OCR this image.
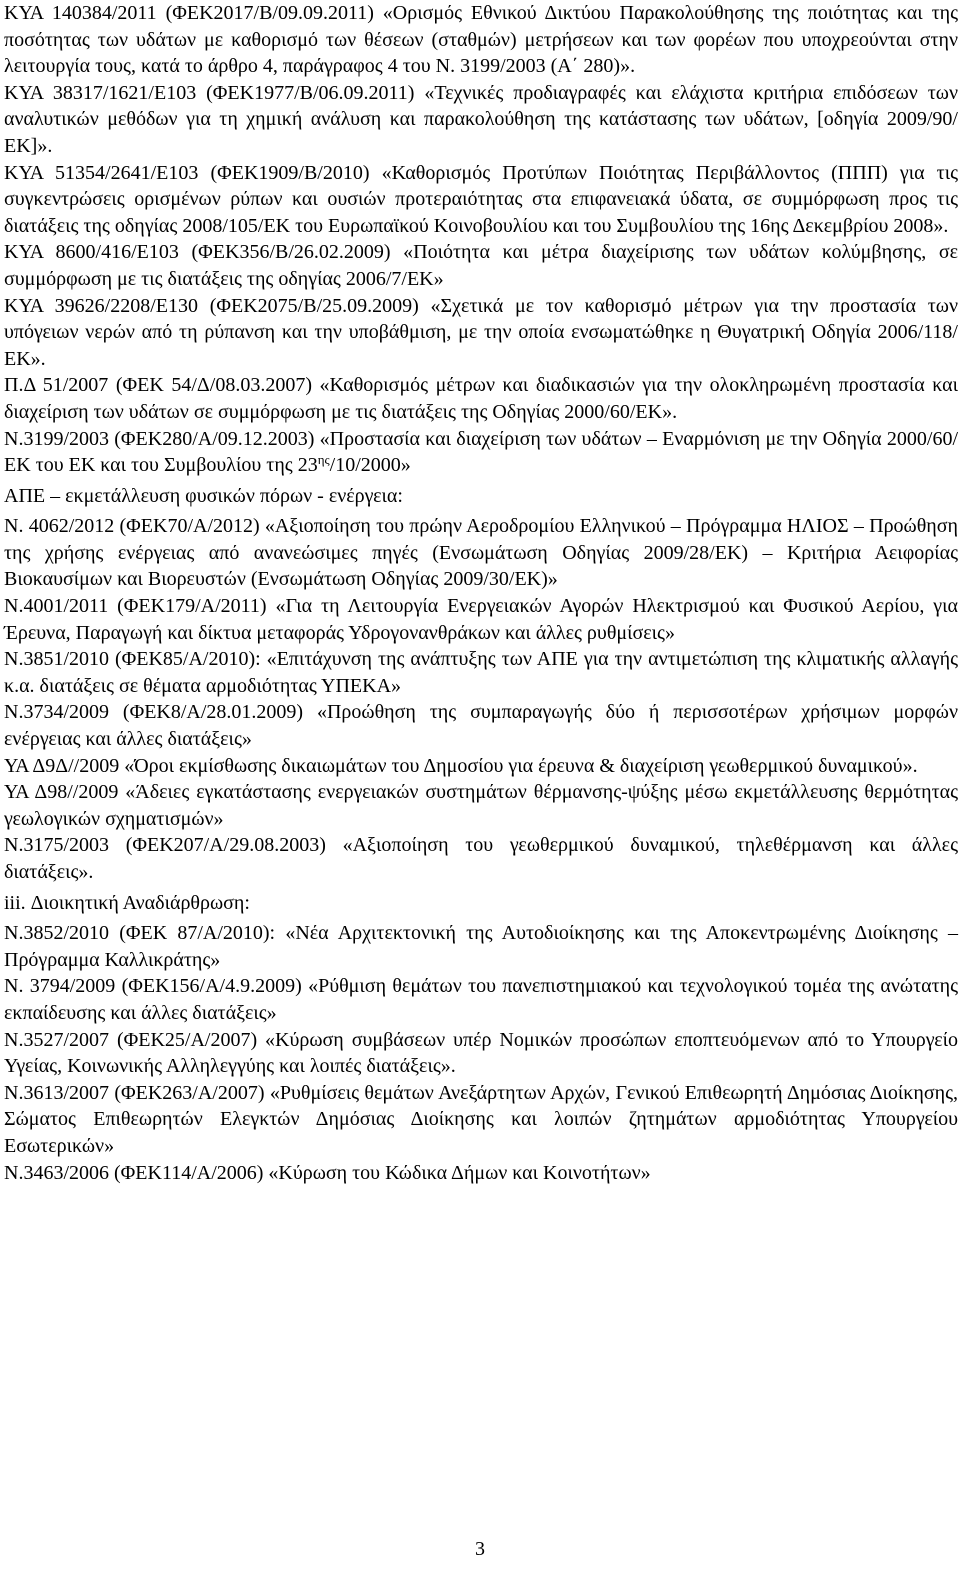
ΚΥΑ 140384/2011 (ΦΕΚ2017/Β/09.09.2011) «Ορισμός Εθνικού Δικτύου Παρακολούθησης της ποιότητας και της ποσότητας των υδάτων με καθορισμό των θέσεων (σταθμών) μετρήσεων και των φορέων που υποχρεούνται στην λειτουργία τους, κατά το άρθρο 4, παράγραφος 4 του Ν. 3199/2003 (Α΄ 280)».

ΚΥΑ 38317/1621/Ε103 (ΦΕΚ1977/Β/06.09.2011) «Τεχνικές προδιαγραφές και ελάχιστα κριτήρια επιδόσεων των αναλυτικών μεθόδων για τη χημική ανάλυση και παρακολούθηση της κατάστασης των υδάτων, [οδηγία 2009/90/ΕΚ]».

ΚΥΑ 51354/2641/Ε103 (ΦΕΚ1909/Β/2010) «Καθορισμός Προτύπων Ποιότητας Περιβάλλοντος (ΠΠΠ) για τις συγκεντρώσεις ορισμένων ρύπων και ουσιών προτεραιότητας στα επιφανειακά ύδατα, σε συμμόρφωση προς τις διατάξεις της οδηγίας 2008/105/ΕΚ του Ευρωπαϊκού Κοινοβουλίου και του Συμβουλίου της 16ης Δεκεμβρίου 2008».

ΚΥΑ 8600/416/Ε103 (ΦΕΚ356/Β/26.02.2009) «Ποιότητα και μέτρα διαχείρισης των υδάτων κολύμβησης, σε συμμόρφωση με τις διατάξεις της οδηγίας 2006/7/ΕΚ»

ΚΥΑ 39626/2208/Ε130 (ΦΕΚ2075/Β/25.09.2009) «Σχετικά με τον καθορισμό μέτρων για την προστασία των υπόγειων νερών από τη ρύπανση και την υποβάθμιση, με την οποία ενσωματώθηκε η Θυγατρική Οδηγία 2006/118/ΕΚ».

Π.Δ 51/2007 (ΦΕΚ 54/Δ/08.03.2007) «Καθορισμός μέτρων και διαδικασιών για την ολοκληρωμένη προστασία και διαχείριση των υδάτων σε συμμόρφωση με τις διατάξεις της Οδηγίας 2000/60/ΕΚ».

Ν.3199/2003 (ΦΕΚ280/Α/09.12.2003) «Προστασία και διαχείριση των υδάτων – Εναρμόνιση με την Οδηγία 2000/60/ΕΚ του ΕΚ και του Συμβουλίου της $23^{\eta\varsigma}/10/2000$»

ΑΠΕ – εκμετάλλευση φυσικών πόρων - ενέργεια:

Ν. 4062/2012 (ΦΕΚ70/Α/2012) «Αξιοποίηση του πρώην Αεροδρομίου Ελληνικού – Πρόγραμμα ΗΛΙΟΣ – Προώθηση της χρήσης ενέργειας από ανανεώσιμες πηγές (Ενσωμάτωση Οδηγίας 2009/28/ΕΚ) – Κριτήρια Αειφορίας Βιοκαυσίμων και Βιορευστών (Ενσωμάτωση Οδηγίας 2009/30/ΕΚ)»

Ν.4001/2011 (ΦΕΚ179/Α/2011) «Για τη Λειτουργία Ενεργειακών Αγορών Ηλεκτρισμού και Φυσικού Αερίου, για Έρευνα, Παραγωγή και δίκτυα μεταφοράς Υδρογονανθράκων και άλλες ρυθμίσεις»

Ν.3851/2010 (ΦΕΚ85/Α/2010): «Επιτάχυνση της ανάπτυξης των ΑΠΕ για την αντιμετώπιση της κλιματικής αλλαγής κ.α. διατάξεις σε θέματα αρμοδιότητας ΥΠΕΚΑ»

Ν.3734/2009 (ΦΕΚ8/Α/28.01.2009) «Προώθηση της συμπαραγωγής δύο ή περισσοτέρων χρήσιμων μορφών ενέργειας και άλλες διατάξεις»

ΥΑ Δ9Δ//2009 «Όροι εκμίσθωσης δικαιωμάτων του Δημοσίου για έρευνα & διαχείριση γεωθερμικού δυναμικού».

ΥΑ Δ98//2009 «Άδειες εγκατάστασης ενεργειακών συστημάτων θέρμανσης-ψύξης μέσω εκμετάλλευσης θερμότητας γεωλογικών σχηματισμών»

Ν.3175/2003 (ΦΕΚ207/Α/29.08.2003) «Αξιοποίηση του γεωθερμικού δυναμικού, τηλεθέρμανση και άλλες διατάξεις».

iii. Διοικητική Αναδιάρθρωση:

Ν.3852/2010 (ΦΕΚ 87/Α/2010): «Νέα Αρχιτεκτονική της Αυτοδιοίκησης και της Αποκεντρωμένης Διοίκησης – Πρόγραμμα Καλλικράτης»

Ν. 3794/2009 (ΦΕΚ156/Α/4.9.2009) «Ρύθμιση θεμάτων του πανεπιστημιακού και τεχνολογικού τομέα της ανώτατης εκπαίδευσης και άλλες διατάξεις»

Ν.3527/2007 (ΦΕΚ25/Α/2007) «Κύρωση συμβάσεων υπέρ Νομικών προσώπων εποπτευόμενων από το Υπουργείο Υγείας, Κοινωνικής Αλληλεγγύης και λοιπές διατάξεις».

Ν.3613/2007 (ΦΕΚ263/Α/2007) «Ρυθμίσεις θεμάτων Ανεξάρτητων Αρχών, Γενικού Επιθεωρητή Δημόσιας Διοίκησης, Σώματος Επιθεωρητών Ελεγκτών Δημόσιας Διοίκησης και λοιπών ζητημάτων αρμοδιότητας Υπουργείου Εσωτερικών»

Ν.3463/2006 (ΦΕΚ114/Α/2006) «Κύρωση του Κώδικα Δήμων και Κοινοτήτων»

3
